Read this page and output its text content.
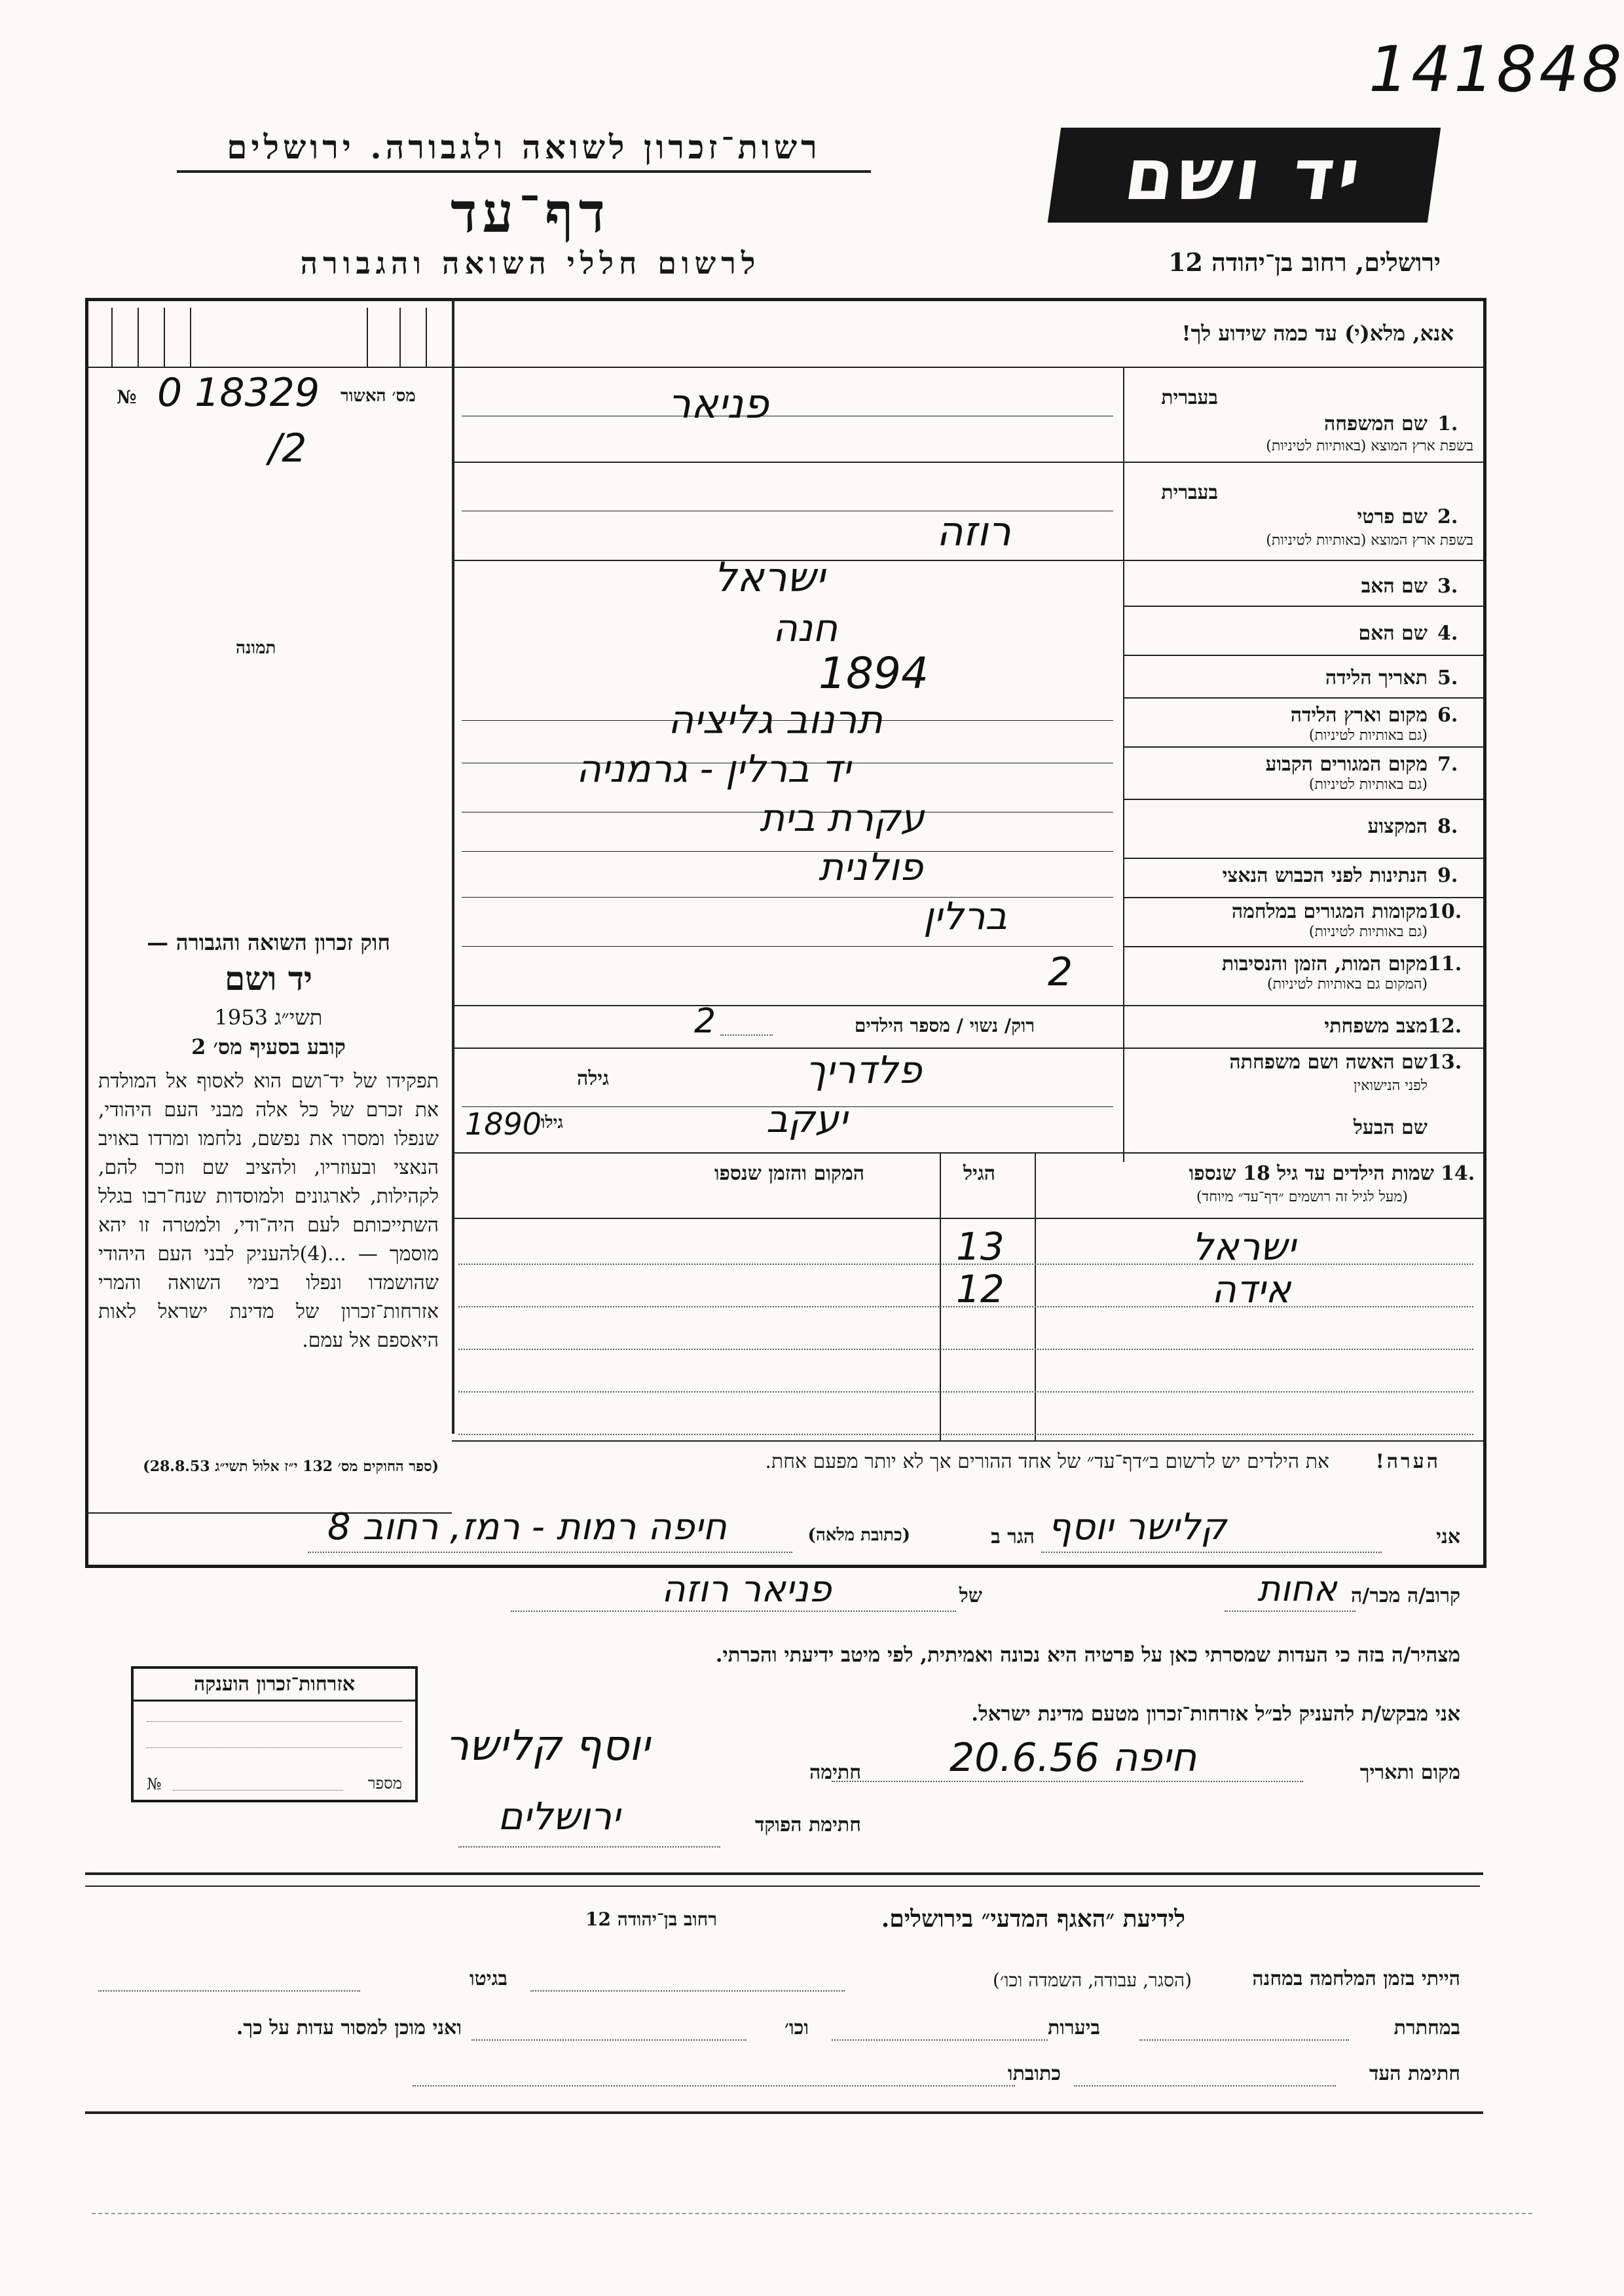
141848
רשות־זכרון לשואה ולגבורה. ירושלים
דף־עד
לרשום חללי השואה והגבורה
יד ושם
ירושלים, רחוב בן־יהודה 12
אנא, מלא(י) עד כמה שידוע לך!
מס׳ האשור
№ 0 18329
/2
תמונה
חוק זכרון השואה והגבורה —
יד ושם
תשי״ג 1953
קובע בסעיף מס׳ 2
תפקידו של יד־ושם הוא לאסוף אל המולדת את זכרם של כל אלה מבני העם היהודי, שנפלו ומסרו את נפשם, נלחמו ומרדו באויב הנאצי ובעוזריו, ולהציב שם וזכר להם, לקהילות, לארגונים ולמוסדות שנח־רבו בגלל השתייכותם לעם היה־ודי, ולמטרה זו יהא מוסמך — ...(4)להעניק לבני העם היהודי שהושמדו ונפלו בימי השואה והמרי אזרחות־זכרון של מדינת ישראל לאות היאספם אל עמם.
(ספר החוקים מס׳ 132 י״ז אלול תשי״ג 28.8.53)
בעברית
1.
שם המשפחה
בשפת ארץ המוצא (באותיות לטיניות)
פניאר
בעברית
2.
שם פרטי
בשפת ארץ המוצא (באותיות לטיניות)
רוזה
3.
שם האב
ישראל
4.
שם האם
חנה
5.
תאריך הלידה
1894
6.
מקום וארץ הלידה
(גם באותיות לטיניות)
תרנוב גליציה
7.
מקום המגורים הקבוע
(גם באותיות לטיניות)
יד ברלין - גרמניה
8.
המקצוע
עקרת בית
9.
הנתינות לפני הכבוש הנאצי
פולנית
10.
מקומות המגורים במלחמה
(גם באותיות לטיניות)
ברלין
11.
מקום המות, הזמן והנסיבות
(המקום גם באותיות לטיניות)
2
12.
מצב משפחתי
רוק/ נשוי / מספר הילדים
2
13.
שם האשה ושם משפחתה
לפני הנישואין
גילה	פלדריך
שם הבעל
יעקב
גילו
1890
14.
שמות הילדים עד גיל 18 שנספו
(מעל לגיל זה רושמים ״דף־עד״ מיוחד)
הגיל
המקום והזמן שנספו
ישראל
13
אידה
12
הערה!
את הילדים יש לרשום ב״דף־עד״ של אחד ההורים אך לא יותר מפעם אחת.
אני
קלישר יוסף
הגר ב
(כתובת מלאה)
חיפה רמות - רמז, רחוב 8
קרוב/ה מכר/ה
אחות
של
פניאר רוזה
מצהיר/ה בזה כי העדות שמסרתי כאן על פרטיה היא נכונה ואמיתית, לפי מיטב ידיעתי והכרתי.
אני מבקש/ת להעניק לב״ל אזרחות־זכרון מטעם מדינת ישראל.
מקום ותאריך
חיפה 20.6.56
חתימה
יוסף קלישר
חתימת הפוקד
ירושלים
אזרחות־זכרון הוענקה
מספר
№
לידיעת ״האגף המדעי״ בירושלים.
רחוב בן־יהודה 12
הייתי בזמן המלחמה במחנה
(הסגר, עבודה, השמדה וכו׳)
בגיטו
במחתרת
ביערות
וכו׳
ואני מוכן למסור עדות על כך.
חתימת העד
כתובתו
